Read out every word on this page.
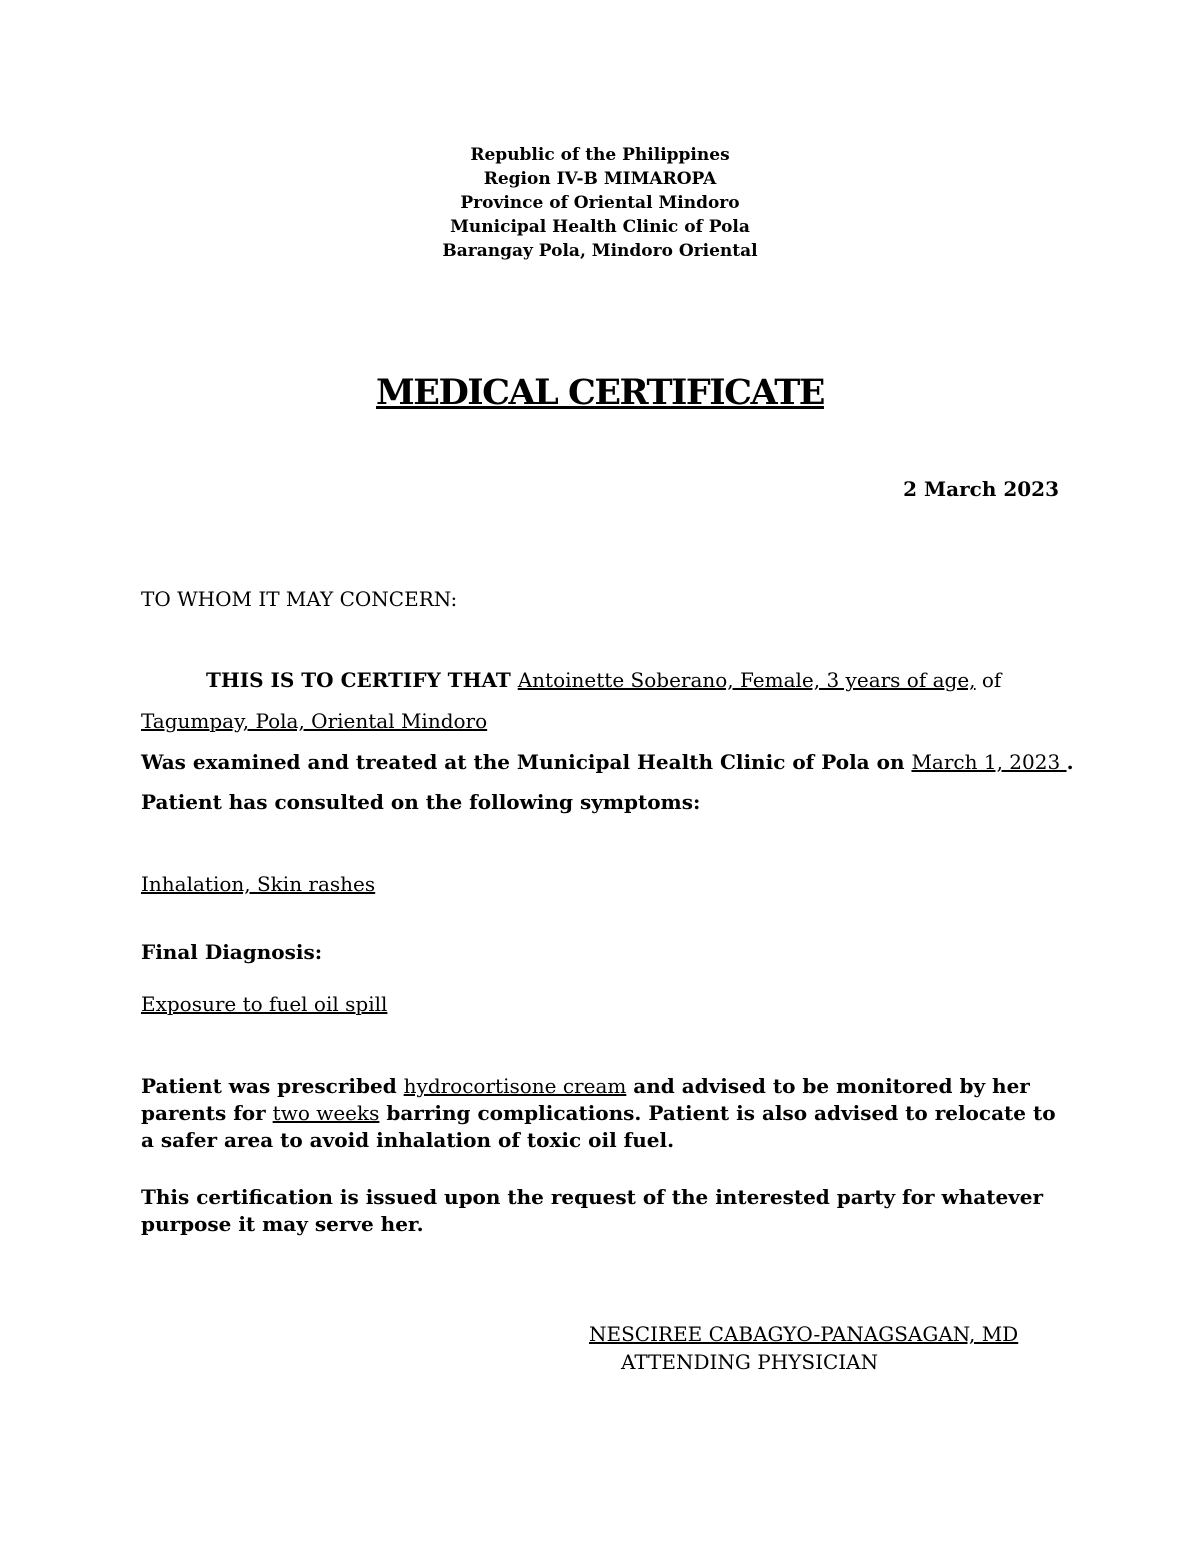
Republic of the Philippines
Region IV-B MIMAROPA
Province of Oriental Mindoro
Municipal Health Clinic of Pola
Barangay Pola, Mindoro Oriental
MEDICAL CERTIFICATE
2 March 2023
TO WHOM IT MAY CONCERN:
THIS IS TO CERTIFY THAT Antoinette Soberano, Female, 3 years of age, of
Tagumpay, Pola, Oriental Mindoro
Was examined and treated at the Municipal Health Clinic of Pola on March 1, 2023 .
Patient has consulted on the following symptoms:
Inhalation, Skin rashes
Final Diagnosis:
Exposure to fuel oil spill
Patient was prescribed hydrocortisone cream and advised to be monitored by her parents for two weeks barring complications. Patient is also advised to relocate to a safer area to avoid inhalation of toxic oil fuel.
This certification is issued upon the request of the interested party for whatever purpose it may serve her.
NESCIREE CABAGYO-PANAGSAGAN, MD
ATTENDING PHYSICIAN
